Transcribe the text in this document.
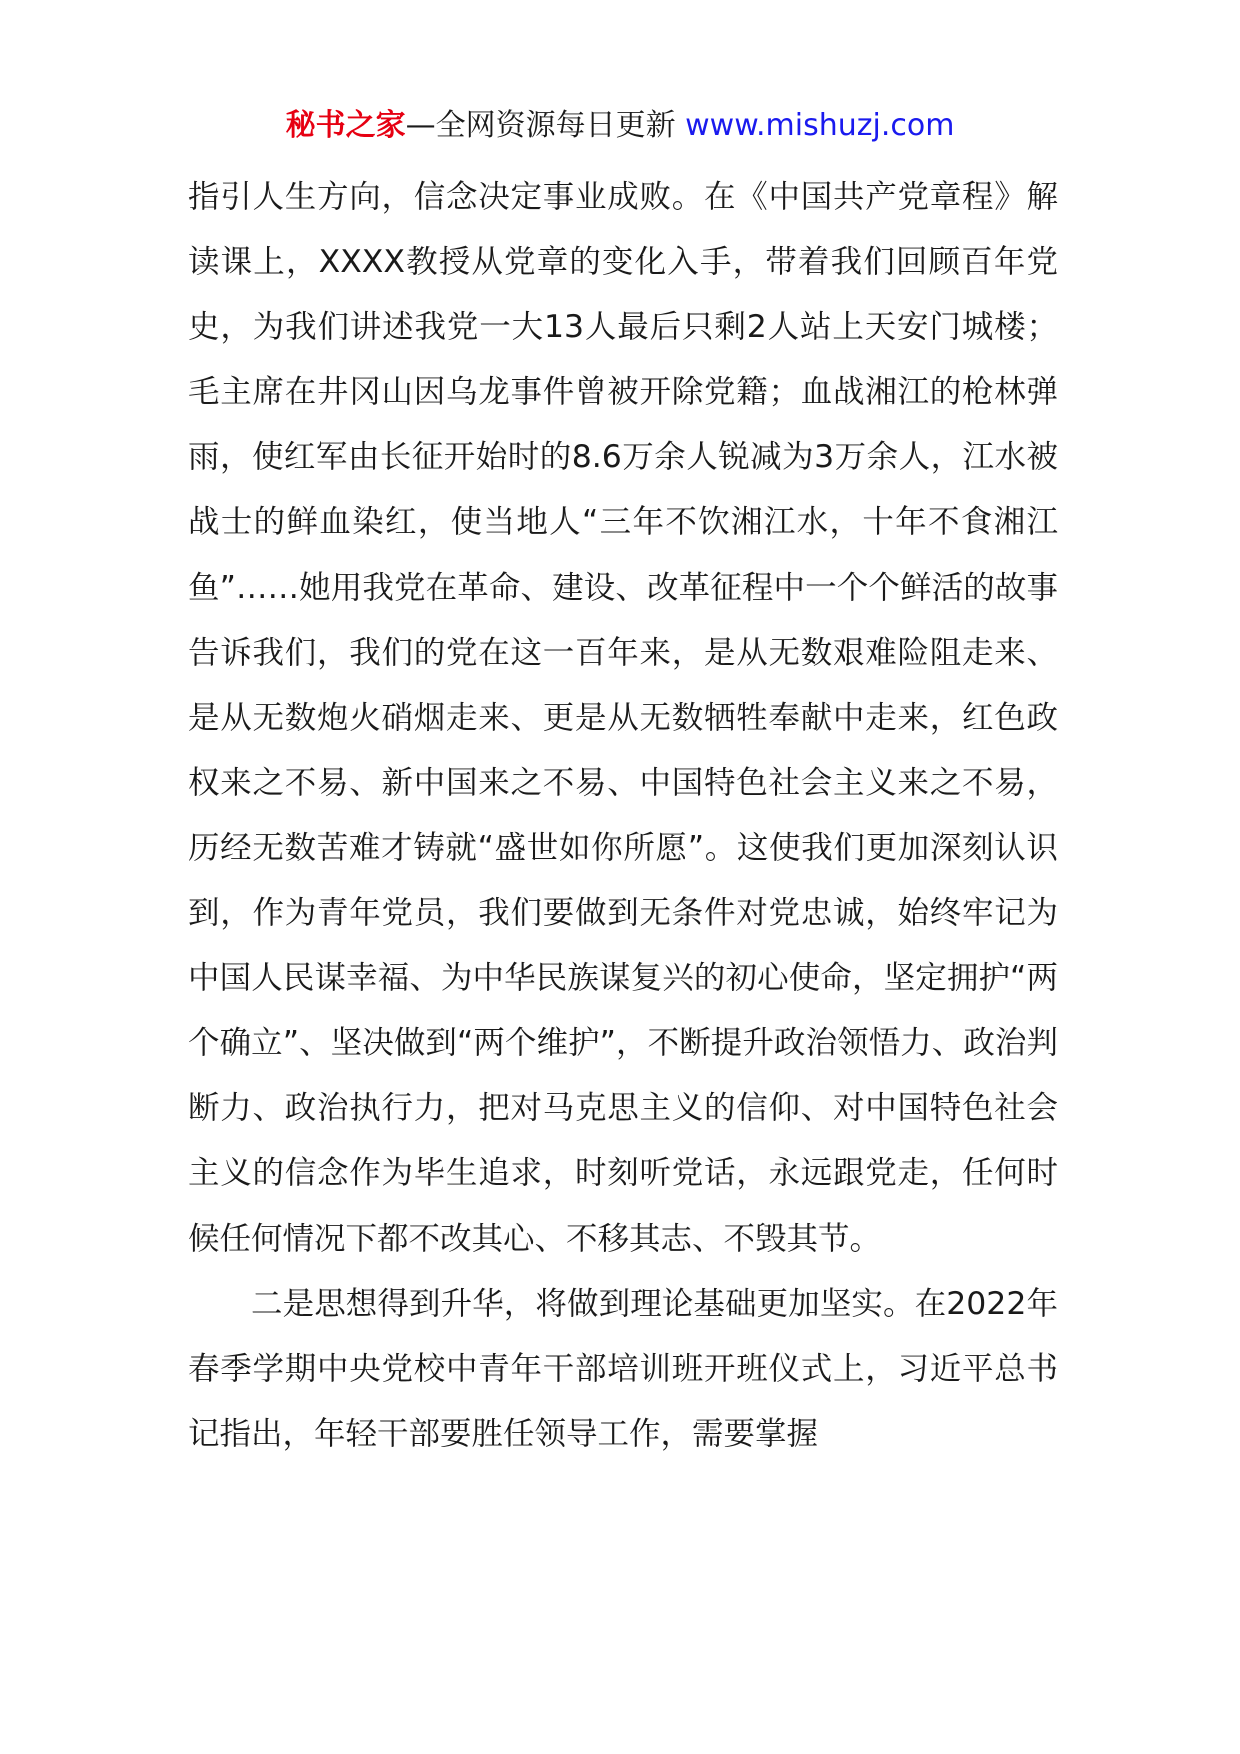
秘书之家—全网资源每日更新 www.mishuzj.com

指引人生方向，信念决定事业成败。在《中国共产党章程》解读课上，XXXX教授从党章的变化入手，带着我们回顾百年党史，为我们讲述我党一大13人最后只剩2人站上天安门城楼；毛主席在井冈山因乌龙事件曾被开除党籍；血战湘江的枪林弹雨，使红军由长征开始时的8.6万余人锐减为3万余人，江水被战士的鲜血染红，使当地人“三年不饮湘江水，十年不食湘江鱼”……她用我党在革命、建设、改革征程中一个个鲜活的故事告诉我们，我们的党在这一百年来，是从无数艰难险阻走来、是从无数炮火硝烟走来、更是从无数牺牲奉献中走来，红色政权来之不易、新中国来之不易、中国特色社会主义来之不易，历经无数苦难才铸就“盛世如你所愿”。这使我们更加深刻认识到，作为青年党员，我们要做到无条件对党忠诚，始终牢记为中国人民谋幸福、为中华民族谋复兴的初心使命，坚定拥护“两个确立”、坚决做到“两个维护”，不断提升政治领悟力、政治判断力、政治执行力，把对马克思主义的信仰、对中国特色社会主义的信念作为毕生追求，时刻听党话，永远跟党走，任何时候任何情况下都不改其心、不移其志、不毁其节。

二是思想得到升华，将做到理论基础更加坚实。在2022年春季学期中央党校中青年干部培训班开班仪式上，习近平总书记指出，年轻干部要胜任领导工作，需要掌握
